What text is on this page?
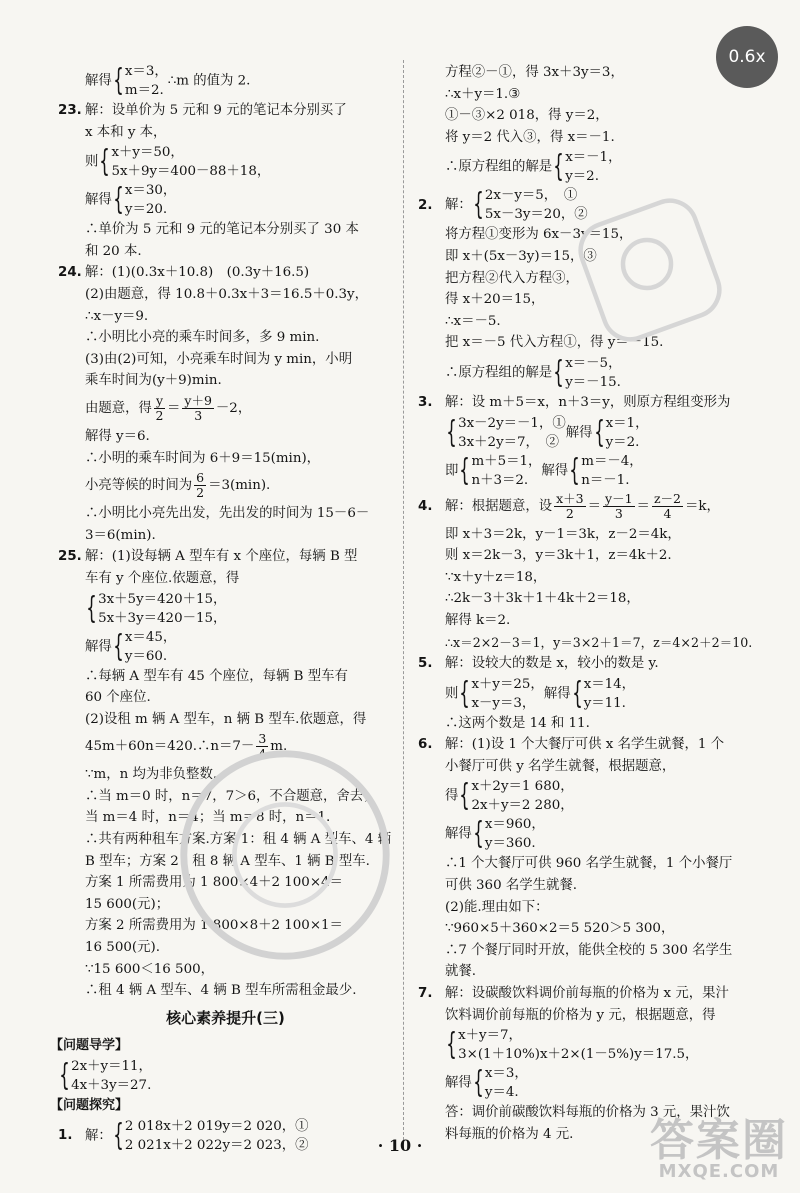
解得 { x＝3，
m＝2.
∴m 的值为 2.
23. 解：设单价为 5 元和 9 元的笔记本分别买了
x 本和 y 本，
则 { x＋y＝50，
5x＋9y＝400－88＋18，
解得 { x＝30，
y＝20.
∴单价为 5 元和 9 元的笔记本分别买了 30 本
和 20 本.
24. 解：(1)(0.3x＋10.8)　(0.3y＋16.5)
(2)由题意，得 10.8＋0.3x＋3＝16.5＋0.3y，
∴x－y＝9.
∴小明比小亮的乘车时间多，多 9 min.
(3)由(2)可知，小亮乘车时间为 y min，小明
乘车时间为(y＋9)min.
由题意，得 $\frac{y}{2} = \frac{y+9}{3} -2$，
解得 y＝6.
∴小明的乘车时间为 6＋9＝15(min)，
小亮等候的时间为 $\frac{6}{2} =3(\min)$.
∴小明比小亮先出发，先出发的时间为 15－6－
3＝6(min).
25. 解：(1)设每辆 A 型车有 x 个座位，每辆 B 型
车有 y 个座位.依题意，得
{ 3x＋5y＝420＋15，
5x＋3y＝420－15，
解得 { x＝45，
y＝60.
∴每辆 A 型车有 45 个座位，每辆 B 型车有
60 个座位.
(2)设租 m 辆 A 型车，n 辆 B 型车.依题意，得
45m＋60n＝420.∴n＝7－ $\frac{3}{4} m$.
∵m，n 均为非负整数，
∴当 m＝0 时，n＝7，7＞6，不合题意，舍去；
当 m＝4 时，n＝4；当 m＝8 时，n＝1.
∴共有两种租车方案.方案 1：租 4 辆 A 型车、4 辆
B 型车；方案 2：租 8 辆 A 型车、1 辆 B 型车.
方案 1 所需费用为 1 800×4＋2 100×4＝
15 600(元)；
方案 2 所需费用为 1 800×8＋2 100×1＝
16 500(元).
∵15 600＜16 500，
∴租 4 辆 A 型车、4 辆 B 型车所需租金最少.
核心素养提升(三)
【问题导学】
{ 2x＋y＝11，
4x＋3y＝27.
【问题探究】
1. 解： { 2 018x＋2 019y＝2 020，①
2 021x＋2 022y＝2 023，②
方程②－①，得 3x＋3y＝3，
∴x＋y＝1.③
①－③×2 018，得 y＝2，
将 y＝2 代入③，得 x＝－1.
∴原方程组的解是 { x＝－1，
y＝2.
2. 解： { 2x－y＝5，　①
5x－3y＝20，②
将方程①变形为 6x－3y＝15，
即 x＋(5x－3y)＝15，③
把方程②代入方程③，
得 x＋20＝15，
∴x＝－5.
把 x＝－5 代入方程①，得 y＝－15.
∴原方程组的解是 { x＝－5，
y＝－15.
3. 解：设 m＋5＝x，n＋3＝y，则原方程组变形为
{ 3x－2y＝－1，①
3x＋2y＝7，　②
解得 { x＝1，
y＝2.
即 { m＋5＝1，
n＋3＝2.
解得 { m＝－4，
n＝－1.
4. 解：根据题意，设 $\frac{x+3}{2} = \frac{y-1}{3} = \frac{z-2}{4} =k$，
即 x＋3＝2k，y－1＝3k，z－2＝4k，
则 x＝2k－3，y＝3k＋1，z＝4k＋2.
∵x＋y＋z＝18，
∴2k－3＋3k＋1＋4k＋2＝18，
解得 k＝2.
∴x＝2×2－3＝1，y＝3×2＋1＝7，z＝4×2＋2＝10.
5. 解：设较大的数是 x，较小的数是 y.
则 { x＋y＝25，
x－y＝3，
解得 { x＝14，
y＝11.
∴这两个数是 14 和 11.
6. 解：(1)设 1 个大餐厅可供 x 名学生就餐，1 个
小餐厅可供 y 名学生就餐，根据题意，
得 { x＋2y＝1 680，
2x＋y＝2 280，
解得 { x＝960，
y＝360.
∴1 个大餐厅可供 960 名学生就餐，1 个小餐厅
可供 360 名学生就餐.
(2)能.理由如下：
∵960×5＋360×2＝5 520＞5 300，
∴7 个餐厅同时开放，能供全校的 5 300 名学生
就餐.
7. 解：设碳酸饮料调价前每瓶的价格为 x 元，果汁
饮料调价前每瓶的价格为 y 元，根据题意，得
{ x＋y＝7，
3×(1＋10%)x＋2×(1－5%)y＝17.5，
解得 { x＝3，
y＝4.
答：调价前碳酸饮料每瓶的价格为 3 元，果汁饮
料每瓶的价格为 4 元.
· 10 ·
0.6x
答案圈
MXQE.COM
